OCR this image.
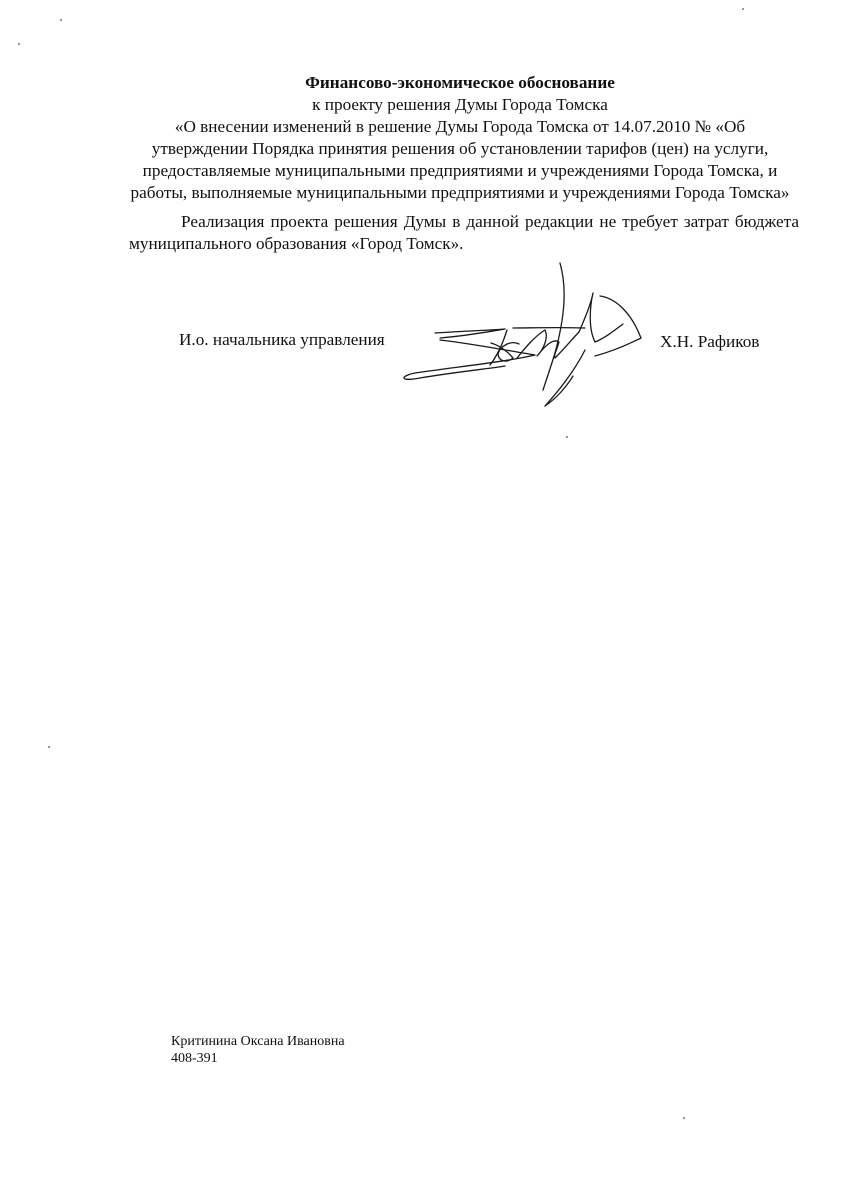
Финансово-экономическое обоснование
к проекту решения Думы Города Томска
«О внесении изменений в решение Думы Города Томска от 14.07.2010 № «Об
утверждении Порядка принятия решения об установлении тарифов (цен) на услуги,
предоставляемые муниципальными предприятиями и учреждениями Города Томска, и
работы, выполняемые муниципальными предприятиями и учреждениями Города Томска»

Реализация проекта решения Думы в данной редакции не требует затрат бюджета муниципального образования «Город Томск».

И.о. начальника управления	Х.Н. Рафиков
Критинина Оксана Ивановна
408-391
